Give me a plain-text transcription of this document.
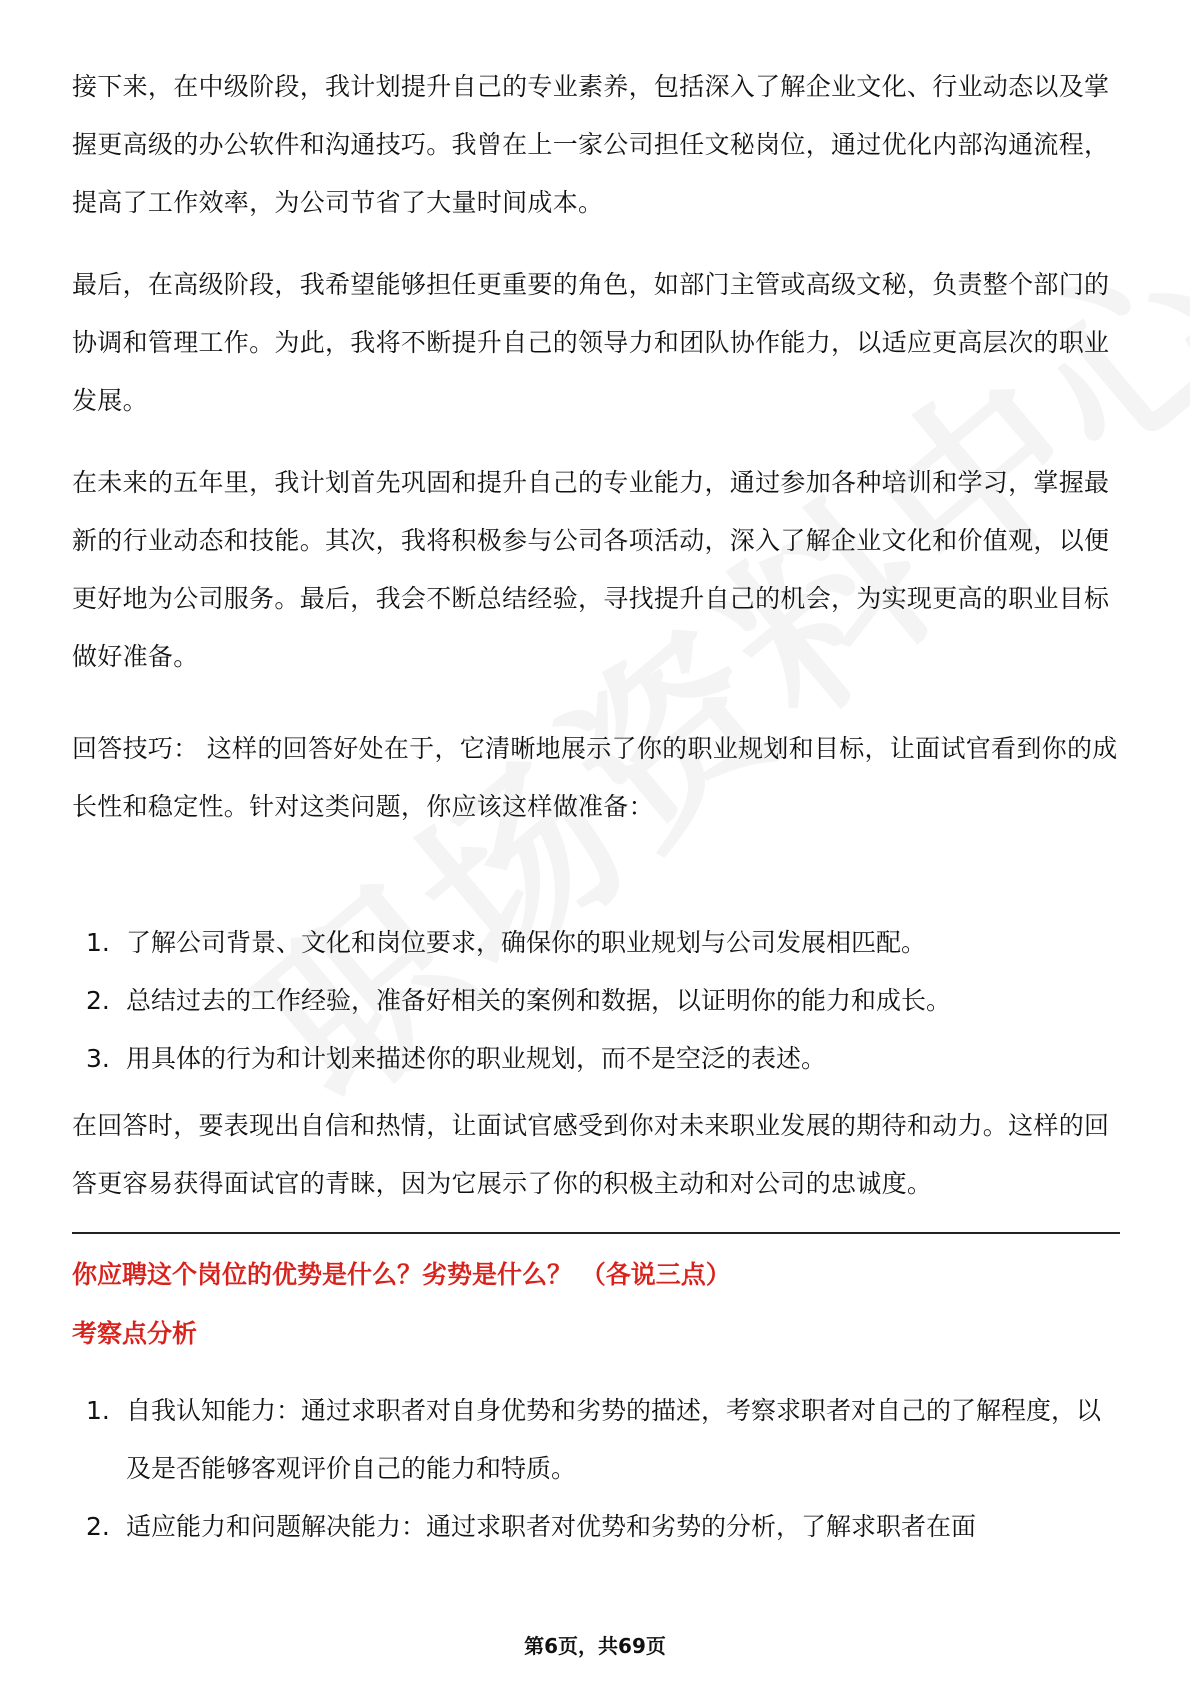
接下来，在中级阶段，我计划提升自己的专业素养，包括深入了解企业文化、行业动态以及掌握更高级的办公软件和沟通技巧。我曾在上一家公司担任文秘岗位，通过优化内部沟通流程，提高了工作效率，为公司节省了大量时间成本。

最后，在高级阶段，我希望能够担任更重要的角色，如部门主管或高级文秘，负责整个部门的协调和管理工作。为此，我将不断提升自己的领导力和团队协作能力，以适应更高层次的职业发展。

在未来的五年里，我计划首先巩固和提升自己的专业能力，通过参加各种培训和学习，掌握最新的行业动态和技能。其次，我将积极参与公司各项活动，深入了解企业文化和价值观，以便更好地为公司服务。最后，我会不断总结经验，寻找提升自己的机会，为实现更高的职业目标做好准备。

回答技巧： 这样的回答好处在于，它清晰地展示了你的职业规划和目标，让面试官看到你的成长性和稳定性。针对这类问题，你应该这样做准备：

1. 了解公司背景、文化和岗位要求，确保你的职业规划与公司发展相匹配。
2. 总结过去的工作经验，准备好相关的案例和数据，以证明你的能力和成长。
3. 用具体的行为和计划来描述你的职业规划，而不是空泛的表述。

在回答时，要表现出自信和热情，让面试官感受到你对未来职业发展的期待和动力。这样的回答更容易获得面试官的青睐，因为它展示了你的积极主动和对公司的忠诚度。

你应聘这个岗位的优势是什么？劣势是什么？ （各说三点）

考察点分析

1. 自我认知能力：通过求职者对自身优势和劣势的描述，考察求职者对自己的了解程度，以及是否能够客观评价自己的能力和特质。
2. 适应能力和问题解决能力：通过求职者对优势和劣势的分析，了解求职者在面
第6页，共69页
